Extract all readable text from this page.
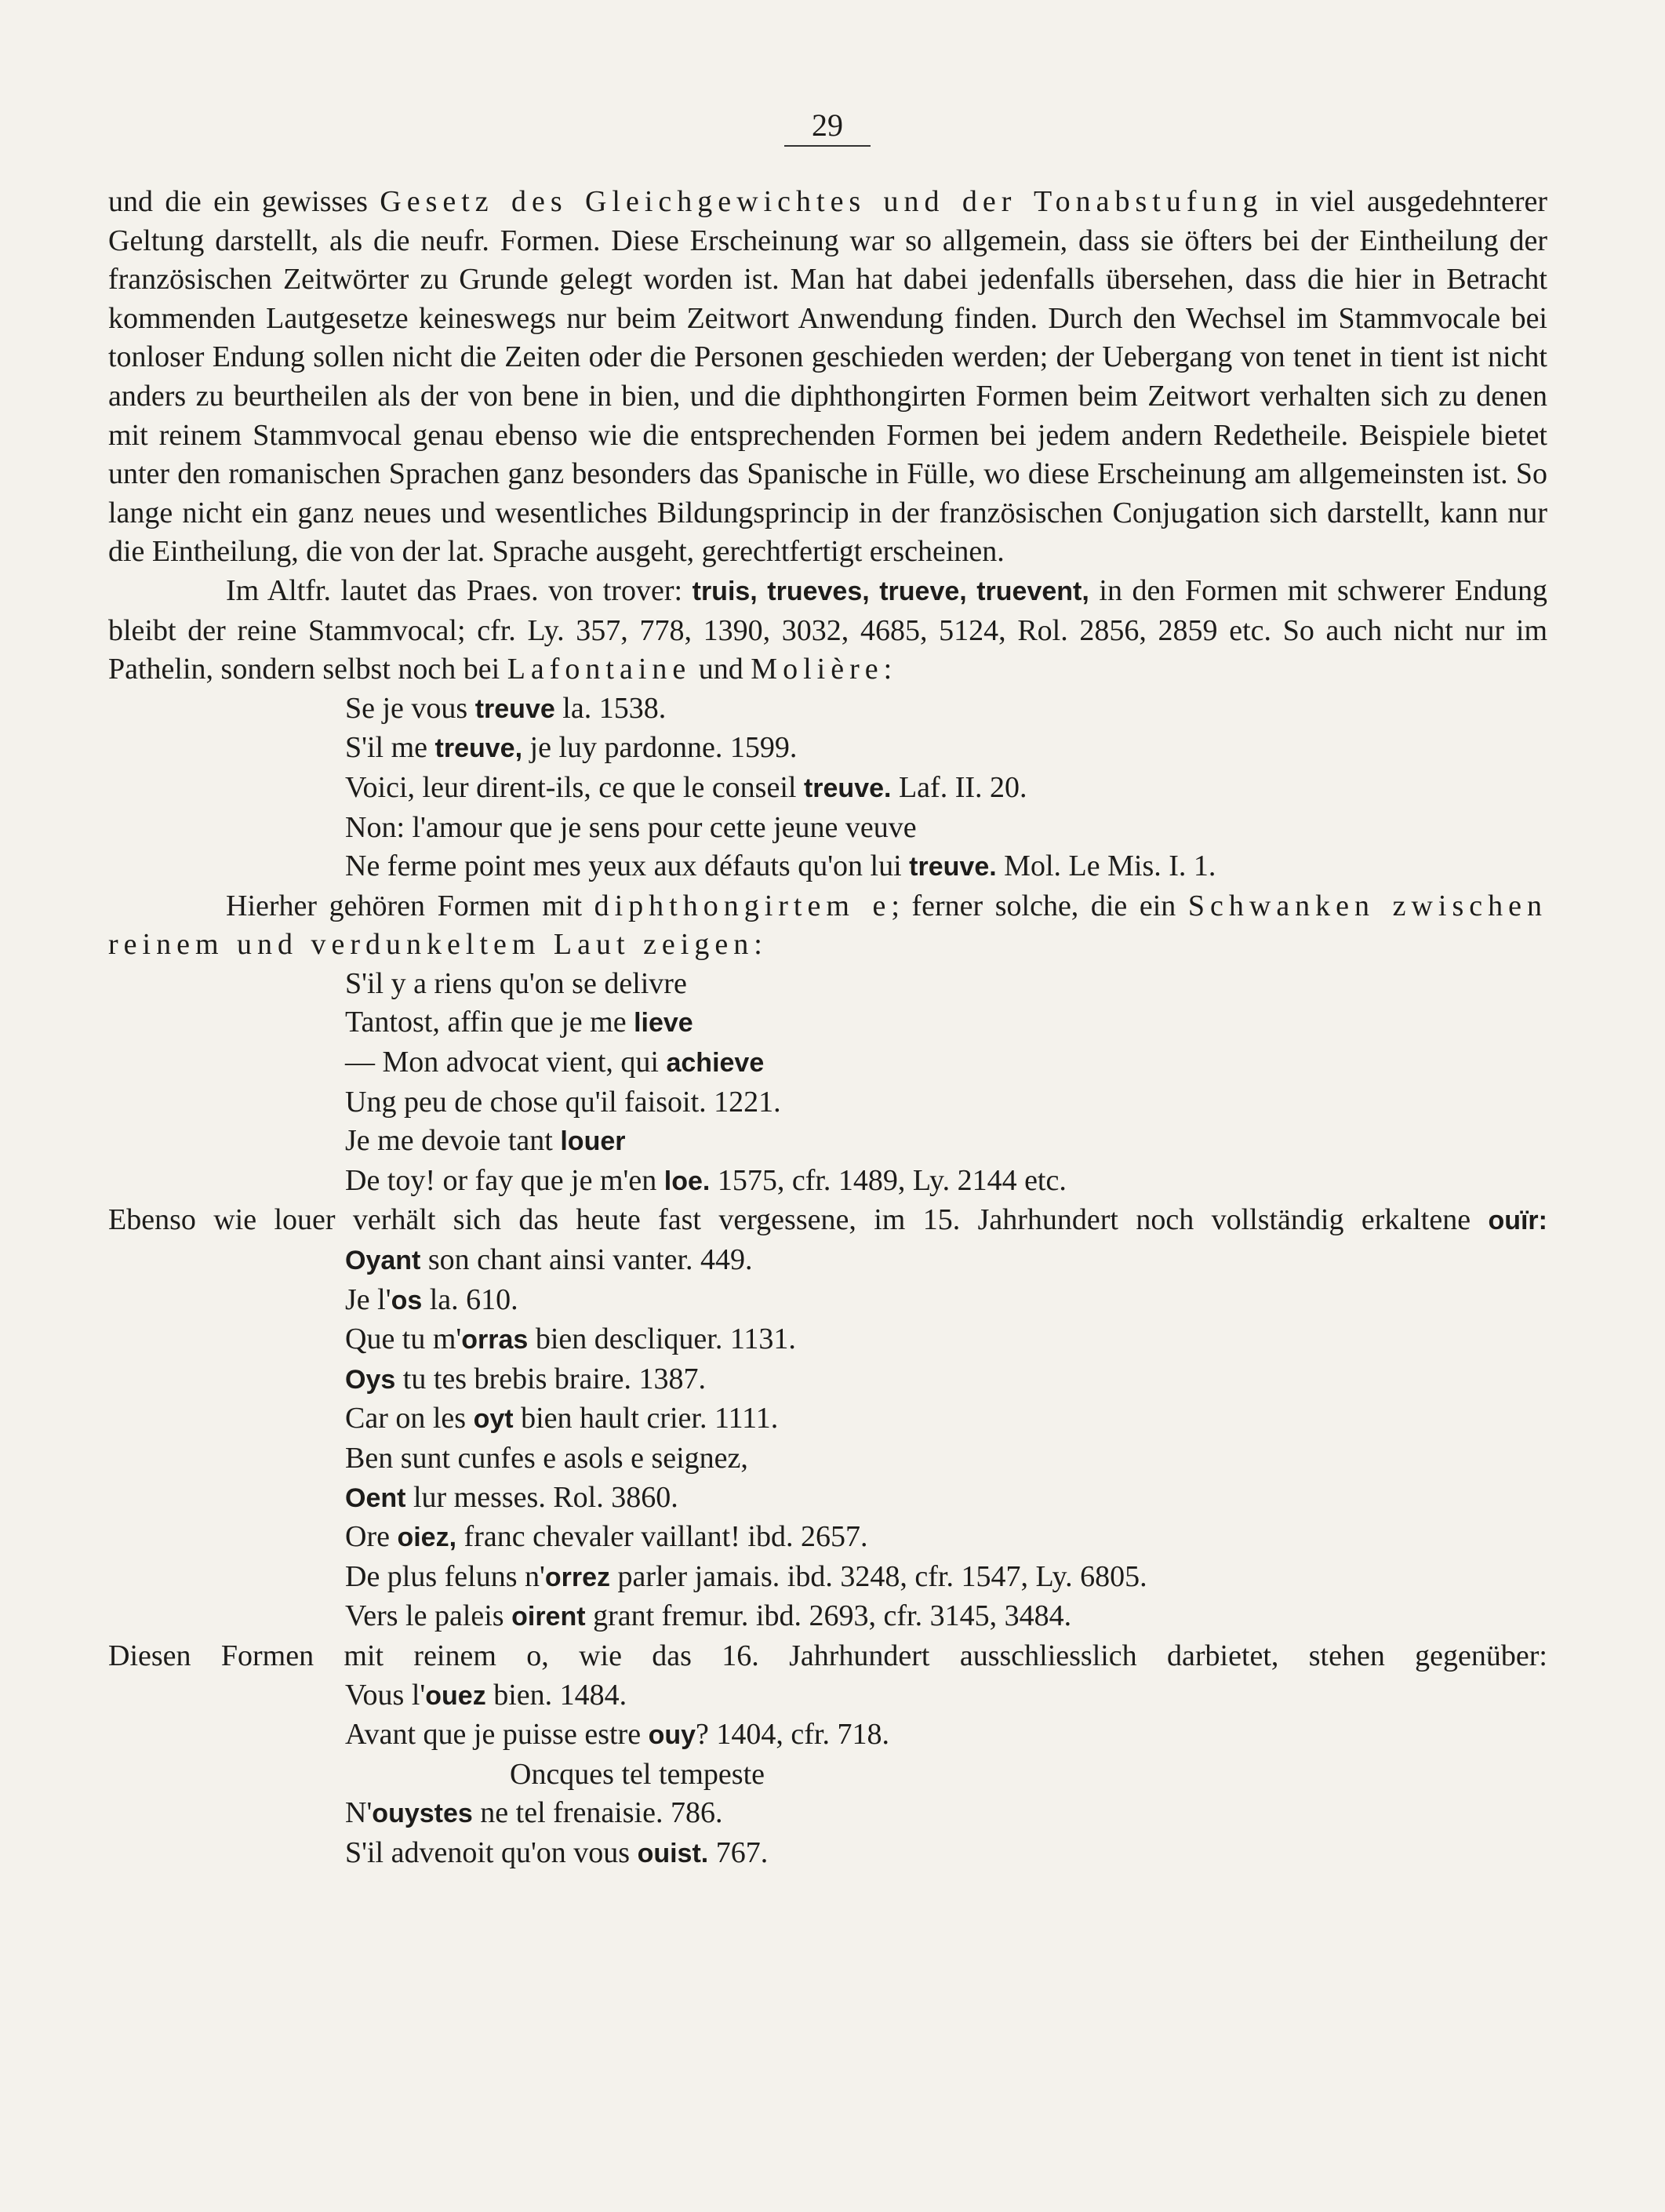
29

und die ein gewisses Gesetz des Gleichgewichtes und der Tonabstufung in viel ausgedehnterer Geltung darstellt, als die neufr. Formen. Diese Erscheinung war so allgemein, dass sie öfters bei der Eintheilung der französischen Zeitwörter zu Grunde gelegt worden ist. Man hat dabei jedenfalls übersehen, dass die hier in Betracht kommenden Lautgesetze keineswegs nur beim Zeitwort Anwendung finden. Durch den Wechsel im Stammvocale bei tonloser Endung sollen nicht die Zeiten oder die Personen geschieden werden; der Uebergang von tenet in tient ist nicht anders zu beurtheilen als der von bene in bien, und die diphthongirten Formen beim Zeitwort verhalten sich zu denen mit reinem Stammvocal genau ebenso wie die entsprechenden Formen bei jedem andern Redetheile. Beispiele bietet unter den romanischen Sprachen ganz besonders das Spanische in Fülle, wo diese Erscheinung am allgemeinsten ist. So lange nicht ein ganz neues und wesentliches Bildungsprincip in der französischen Conjugation sich darstellt, kann nur die Eintheilung, die von der lat. Sprache ausgeht, gerechtfertigt erscheinen.

Im Altfr. lautet das Praes. von trover: truis, trueves, trueve, truevent, in den Formen mit schwerer Endung bleibt der reine Stammvocal; cfr. Ly. 357, 778, 1390, 3032, 4685, 5124, Rol. 2856, 2859 etc. So auch nicht nur im Pathelin, sondern selbst noch bei Lafontaine und Molière:

Se je vous treuve la. 1538.

S'il me treuve, je luy pardonne. 1599.

Voici, leur dirent-ils, ce que le conseil treuve. Laf. II. 20.

Non: l'amour que je sens pour cette jeune veuve

Ne ferme point mes yeux aux défauts qu'on lui treuve. Mol. Le Mis. I. 1.

Hierher gehören Formen mit diphthongirtem e; ferner solche, die ein Schwanken zwischen reinem und verdunkeltem Laut zeigen:

S'il y a riens qu'on se delivre

Tantost, affin que je me lieve

— Mon advocat vient, qui achieve

Ung peu de chose qu'il faisoit. 1221.

Je me devoie tant louer

De toy! or fay que je m'en loe. 1575, cfr. 1489, Ly. 2144 etc.

Ebenso wie louer verhält sich das heute fast vergessene, im 15. Jahrhundert noch vollständig erkaltene ouïr:

Oyant son chant ainsi vanter. 449.

Je l'os la. 610.

Que tu m'orras bien descliquer. 1131.

Oys tu tes brebis braire. 1387.

Car on les oyt bien hault crier. 1111.

Ben sunt cunfes e asols e seignez,

Oent lur messes. Rol. 3860.

Ore oiez, franc chevaler vaillant! ibd. 2657.

De plus feluns n'orrez parler jamais. ibd. 3248, cfr. 1547, Ly. 6805.

Vers le paleis oirent grant fremur. ibd. 2693, cfr. 3145, 3484.

Diesen Formen mit reinem o, wie das 16. Jahrhundert ausschliesslich darbietet, stehen gegenüber:

Vous l'ouez bien. 1484.

Avant que je puisse estre ouy? 1404, cfr. 718.

Oncques tel tempeste

N'ouystes ne tel frenaisie. 786.

S'il advenoit qu'on vous ouist. 767.
